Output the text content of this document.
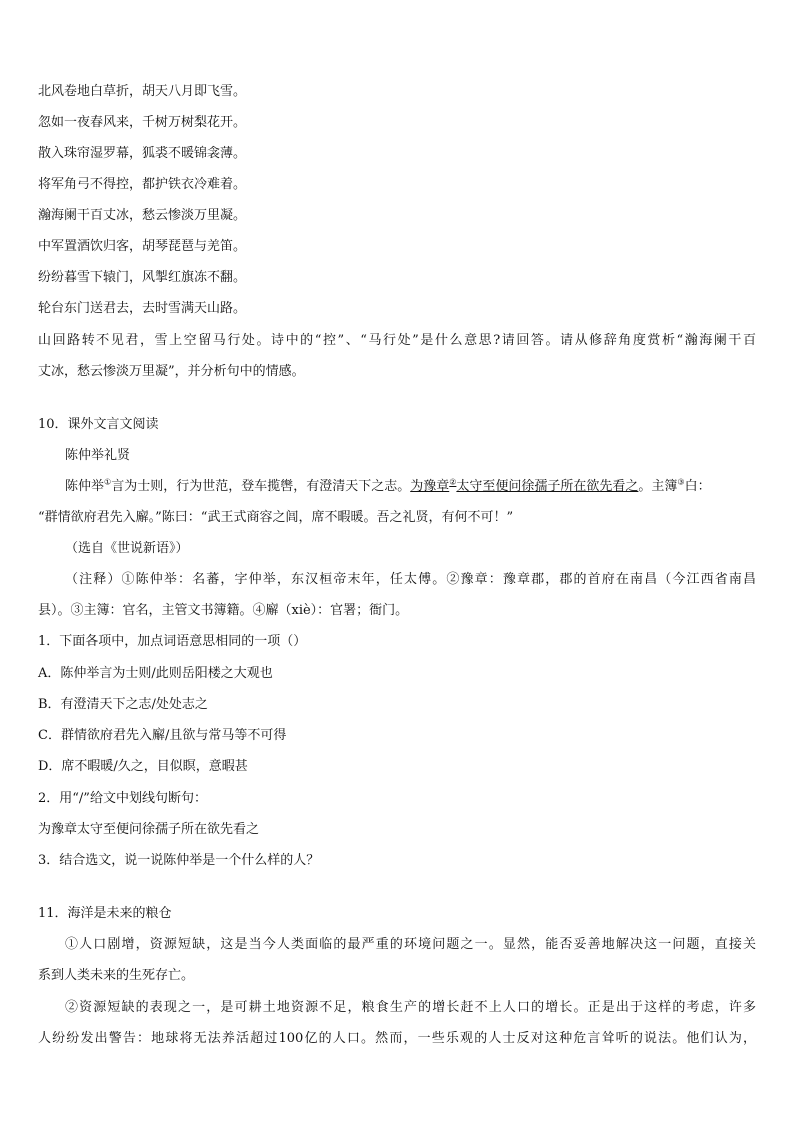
北风卷地白草折，胡天八月即飞雪。
忽如一夜春风来，千树万树梨花开。
散入珠帘湿罗幕，狐裘不暖锦衾薄。
将军角弓不得控，都护铁衣冷难着。
瀚海阑干百丈冰，愁云惨淡万里凝。
中军置酒饮归客，胡琴琵琶与羌笛。
纷纷暮雪下辕门，风掣红旗冻不翻。
轮台东门送君去，去时雪满天山路。
山回路转不见君，雪上空留马行处。诗中的“控”、“马行处”是什么意思?请回答。请从修辞角度赏析“瀚海阑干百
丈冰，愁云惨淡万里凝”，并分析句中的情感。
10．课外文言文阅读
陈仲举礼贤
陈仲举①言为士则，行为世范，登车揽辔，有澄清天下之志。为豫章②太守至便问徐孺子所在欲先看之。主簿③白：
“群情欲府君先入廨。”陈曰：“武王式商容之闾，席不暇暖。吾之礼贤，有何不可！”
（选自《世说新语》）
（注释）①陈仲举：名蕃，字仲举，东汉桓帝末年，任太傅。②豫章：豫章郡，郡的首府在南昌（今江西省南昌
县）。③主簿：官名，主管文书簿籍。④廨（xiè）：官署；衙门。
1．下面各项中，加点词语意思相同的一项（）
A．陈仲举言为士则/此则岳阳楼之大观也
B．有澄清天下之志/处处志之
C．群情欲府君先入廨/且欲与常马等不可得
D．席不暇暖/久之，目似瞑，意暇甚
2．用“/”给文中划线句断句：
为豫章太守至便问徐孺子所在欲先看之
3．结合选文，说一说陈仲举是一个什么样的人？
11．海洋是未来的粮仓
①人口剧增，资源短缺，这是当今人类面临的最严重的环境问题之一。显然，能否妥善地解决这一问题，直接关
系到人类未来的生死存亡。
②资源短缺的表现之一，是可耕土地资源不足，粮食生产的增长赶不上人口的增长。正是出于这样的考虑，许多
人纷纷发出警告：地球将无法养活超过100亿的人口。然而，一些乐观的人士反对这种危言耸听的说法。他们认为，
